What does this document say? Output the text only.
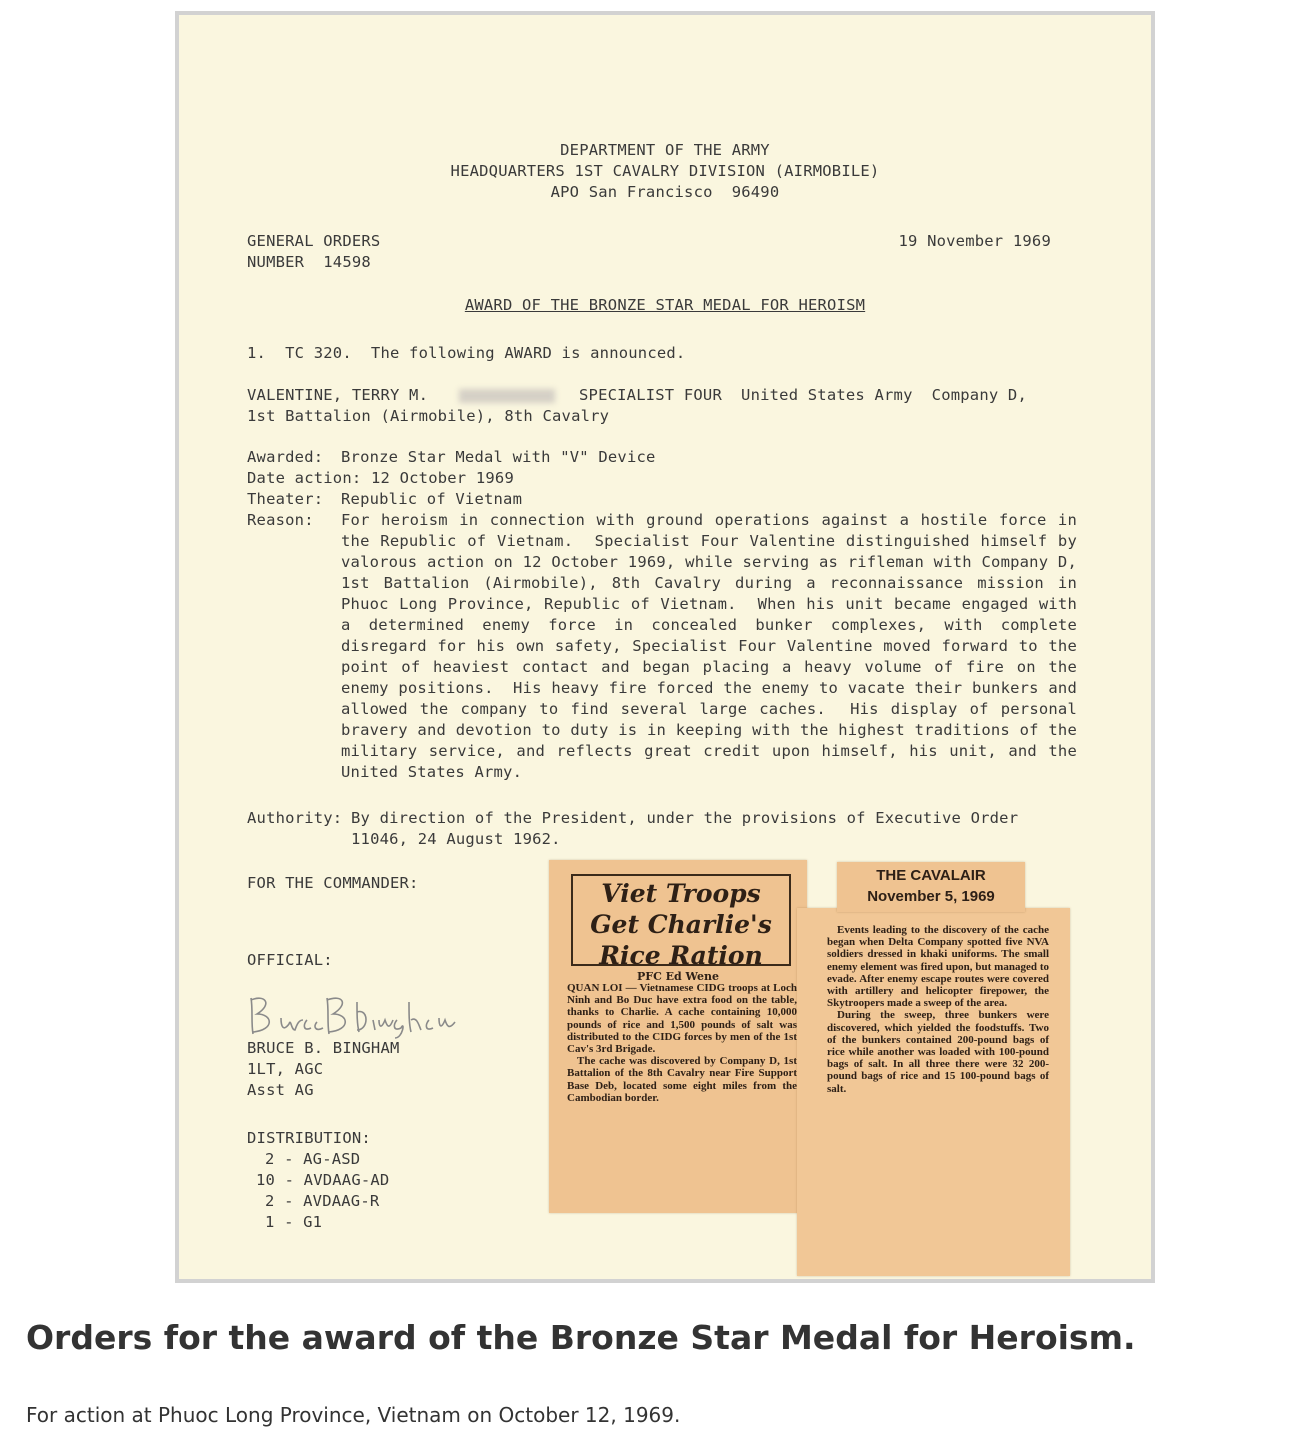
DEPARTMENT OF THE ARMY
HEADQUARTERS 1ST CAVALRY DIVISION (AIRMOBILE)
APO San Francisco  96490
GENERAL ORDERS
NUMBER  14598
19 November 1969
AWARD OF THE BRONZE STAR MEDAL FOR HEROISM
1.  TC 320.  The following AWARD is announced.
VALENTINE, TERRY M.	SPECIALIST FOUR  United States Army  Company D,
1st Battalion (Airmobile), 8th Cavalry
Awarded:	Bronze Star Medal with "V" Device
Date action: 12 October 1969
Theater:	Republic of Vietnam
Reason:	For heroism in connection with ground operations against a hostile force in the Republic of Vietnam.  Specialist Four Valentine distinguished himself by valorous action on 12 October 1969, while serving as rifleman with Company D, 1st Battalion (Airmobile), 8th Cavalry during a reconnaissance mission in Phuoc Long Province, Republic of Vietnam.  When his unit became engaged with a determined enemy force in concealed bunker complexes, with complete disregard for his own safety, Specialist Four Valentine moved forward to the point of heaviest contact and began placing a heavy volume of fire on the enemy positions.  His heavy fire forced the enemy to vacate their bunkers and allowed the company to find several large caches.  His display of personal bravery and devotion to duty is in keeping with the highest traditions of the military service, and reflects great credit upon himself, his unit, and the United States Army.
Authority: By direction of the President, under the provisions of Executive Order 11046, 24 August 1962.
FOR THE COMMANDER:
OFFICIAL:
BRUCE B. BINGHAM
1LT, AGC
Asst AG
DISTRIBUTION:
2 - AG-ASD
10 - AVDAAG-AD
2 - AVDAAG-R
1 - G1
Viet Troops
Get Charlie's
Rice Ration
PFC Ed Wene
QUAN LOI — Vietnamese CIDG troops at Loch Ninh and Bo Duc have extra food on the table, thanks to Charlie. A cache containing 10,000 pounds of rice and 1,500 pounds of salt was distributed to the CIDG forces by men of the 1st Cav's 3rd Brigade.
The cache was discovered by Company D, 1st Battalion of the 8th Cavalry near Fire Support Base Deb, located some eight miles from the Cambodian border.
Events leading to the discovery of the cache began when Delta Company spotted five NVA soldiers dressed in khaki uniforms. The small enemy element was fired upon, but managed to evade. After enemy escape routes were covered with artillery and helicopter firepower, the Skytroopers made a sweep of the area.
During the sweep, three bunkers were discovered, which yielded the foodstuffs. Two of the bunkers contained 200-pound bags of rice while another was loaded with 100-pound bags of salt. In all three there were 32 200-pound bags of rice and 15 100-pound bags of salt.
THE CAVALAIR
November 5, 1969
Orders for the award of the Bronze Star Medal for Heroism.
For action at Phuoc Long Province, Vietnam on October 12, 1969.
